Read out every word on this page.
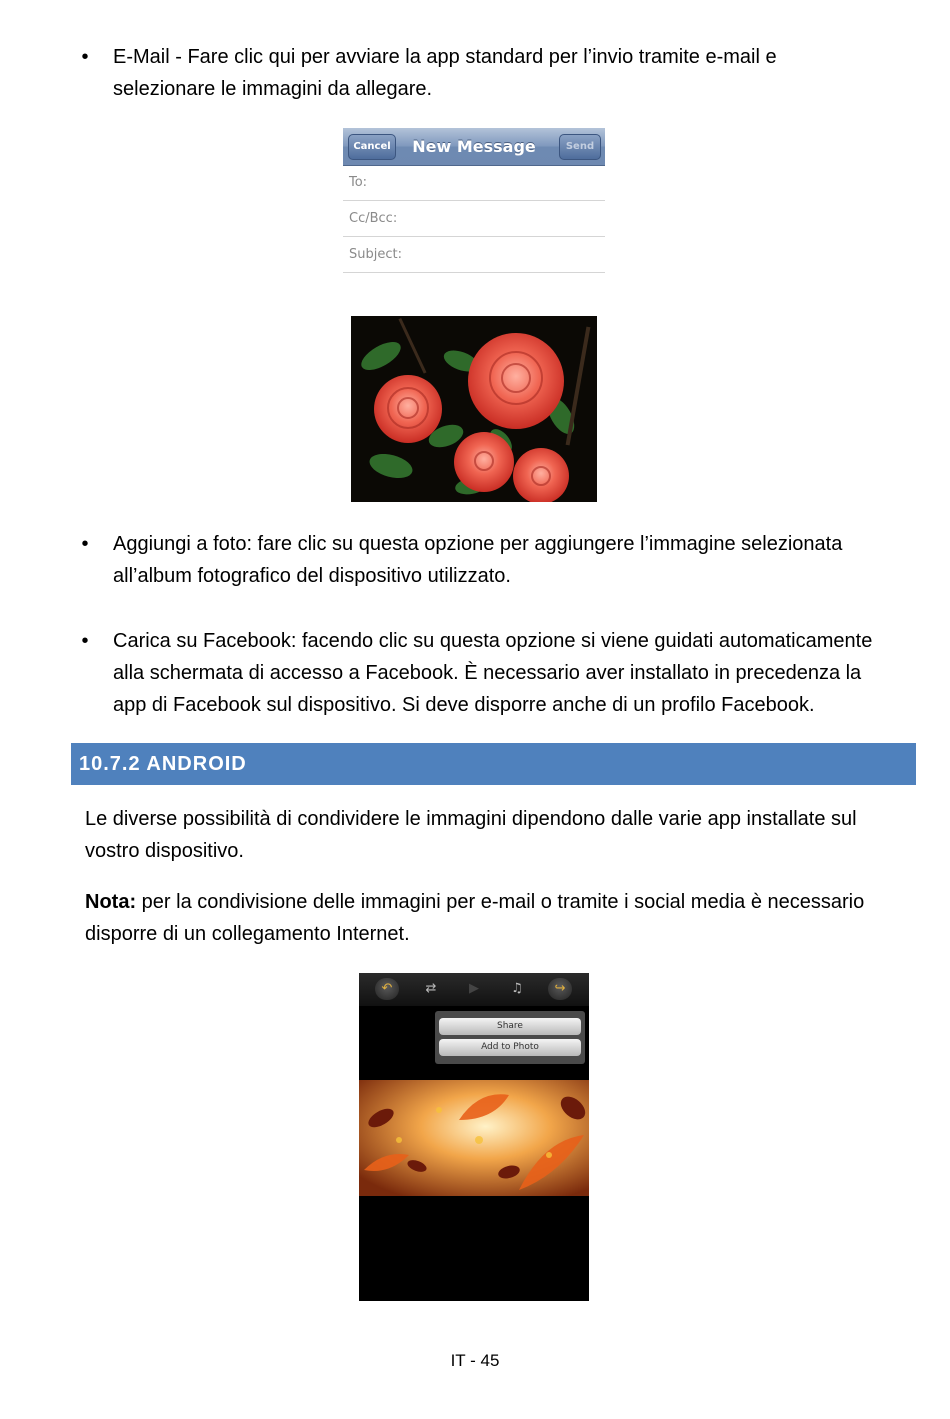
• E-Mail - Fare clic qui per avviare la app standard per l’invio tramite e-mail e
selezionare le immagini da allegare.
Cancel	New Message	Send
To:
Cc/Bcc:
Subject:
• Aggiungi a foto: fare clic su questa opzione per aggiungere l’immagine selezionata
all’album fotografico del dispositivo utilizzato.
• Carica su Facebook: facendo clic su questa opzione si viene guidati automaticamente
alla schermata di accesso a Facebook. È necessario aver installato in precedenza la
app di Facebook sul dispositivo. Si deve disporre anche di un profilo Facebook.
10.7.2 ANDROID
Le diverse possibilità di condividere le immagini dipendono dalle varie app installate sul
vostro dispositivo.
Nota: per la condivisione delle immagini per e-mail o tramite i social media è necessario
disporre di un collegamento Internet.
↶	⇄	▶	♫	↪
Share
Add to Photo
IT - 45
